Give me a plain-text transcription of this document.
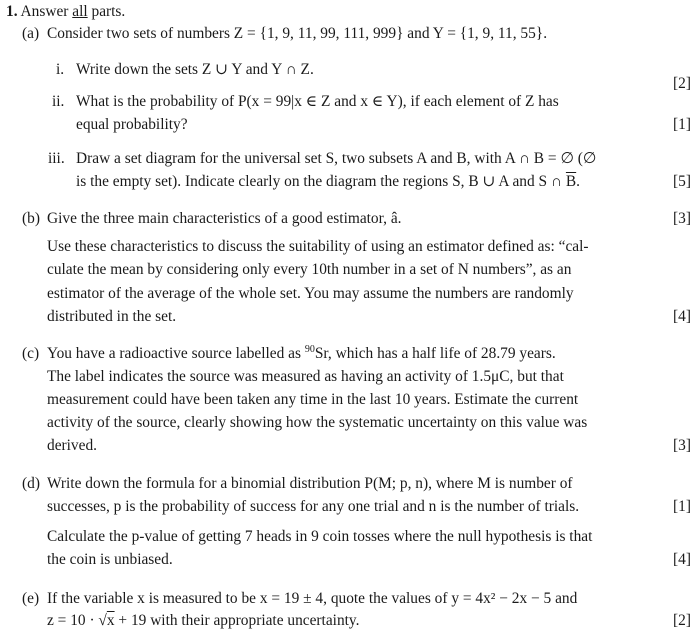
1. Answer all parts.
(a) Consider two sets of numbers Z = {1, 9, 11, 99, 111, 999} and Y = {1, 9, 11, 55}.
i. Write down the sets Z ∪ Y and Y ∩ Z.
[2]
ii. What is the probability of P(x = 99|x ∈ Z and x ∈ Y), if each element of Z has
equal probability?	[1]
iii. Draw a set diagram for the universal set S, two subsets A and B, with A ∩ B = ∅ (∅
is the empty set). Indicate clearly on the diagram the regions S, B ∪ A and S ∩ $\overline{B}$.	[5]
(b) Give the three main characteristics of a good estimator, â.	[3]
Use these characteristics to discuss the suitability of using an estimator defined as: “cal-
culate the mean by considering only every 10th number in a set of N numbers”, as an
estimator of the average of the whole set. You may assume the numbers are randomly
distributed in the set.	[4]
(c) You have a radioactive source labelled as $^{90}$Sr, which has a half life of 28.79 years.
The label indicates the source was measured as having an activity of 1.5μC, but that
measurement could have been taken any time in the last 10 years. Estimate the current
activity of the source, clearly showing how the systematic uncertainty on this value was
derived.	[3]
(d) Write down the formula for a binomial distribution P(M; p, n), where M is number of
successes, p is the probability of success for any one trial and n is the number of trials.	[1]
Calculate the p-value of getting 7 heads in 9 coin tosses where the null hypothesis is that
the coin is unbiased.	[4]
(e) If the variable x is measured to be x = 19 ± 4, quote the values of y = 4x² − 2x − 5 and
z = 10 · √x + 19 with their appropriate uncertainty.	[2]
